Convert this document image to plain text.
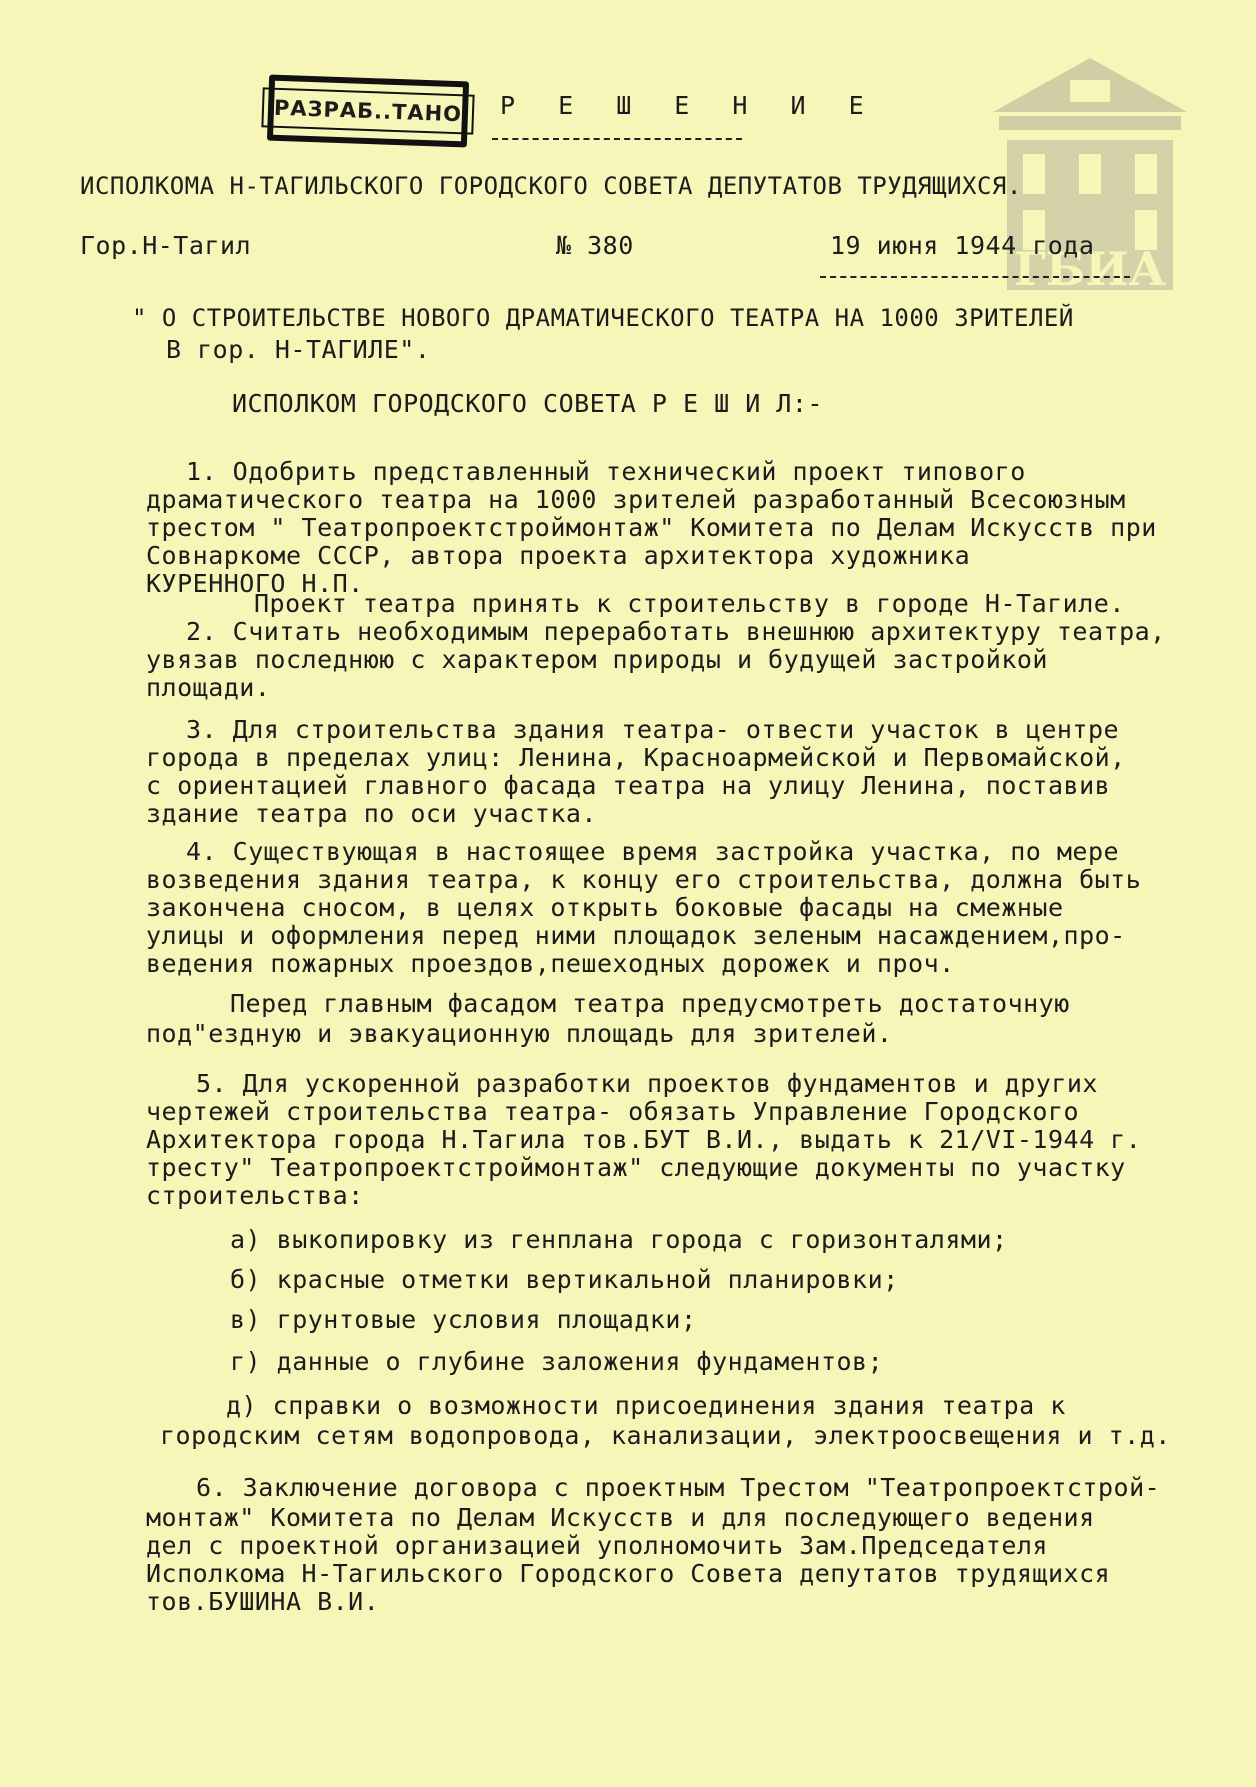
ГБИА
РАЗРАБ..ТАНО	Р Е Ш Е Н И Е
ИСПОЛКОМА Н-ТАГИЛЬСКОГО ГОРОДСКОГО СОВЕТА ДЕПУТАТОВ ТРУДЯЩИХСЯ.
Гор.Н-Тагил	№ 380	19 июня 1944 года
" О СТРОИТЕЛЬСТВЕ НОВОГО ДРАМАТИЧЕСКОГО ТЕАТРА НА 1000 ЗРИТЕЛЕЙ
В гор. Н-ТАГИЛЕ".
ИСПОЛКОМ ГОРОДСКОГО СОВЕТА Р Е Ш И Л:-
1. Одобрить представленный технический проект типового
драматического театра на 1000 зрителей разработанный Всесоюзным
трестом " Театропроектстроймонтаж" Комитета по Делам Искусств при
Совнаркоме СССР, автора проекта архитектора художника
КУРЕННОГО Н.П.
Проект театра принять к строительству в городе Н-Тагиле.
2. Считать необходимым переработать внешнюю архитектуру театра,
увязав последнюю с характером природы и будущей застройкой
площади.
3. Для строительства здания театра- отвести участок в центре
города в пределах улиц: Ленина, Красноармейской и Первомайской,
с ориентацией главного фасада театра на улицу Ленина, поставив
здание театра по оси участка.
4. Существующая в настоящее время застройка участка, по мере
возведения здания театра, к концу его строительства, должна быть
закончена сносом, в целях открыть боковые фасады на смежные
улицы и оформления перед ними площадок зеленым насаждением,про-
ведения пожарных проездов,пешеходных дорожек и проч.
Перед главным фасадом театра предусмотреть достаточную
под"ездную и эвакуационную площадь для зрителей.
5. Для ускоренной разработки проектов фундаментов и других
чертежей строительства театра- обязать Управление Городского
Архитектора города Н.Тагила тов.БУТ В.И., выдать к 21/VI-1944 г.
тресту" Театропроектстроймонтаж" следующие документы по участку
строительства:
а) выкопировку из генплана города с горизонталями;
б) красные отметки вертикальной планировки;
в) грунтовые условия площадки;
г) данные о глубине заложения фундаментов;
д) справки о возможности присоединения здания театра к
городским сетям водопровода, канализации, электроосвещения и т.д.
6. Заключение договора с проектным Трестом "Театропроектстрой-
монтаж" Комитета по Делам Искусств и для последующего ведения
дел с проектной организацией уполномочить Зам.Председателя
Исполкома Н-Тагильского Городского Совета депутатов трудящихся
тов.БУШИНА В.И.
